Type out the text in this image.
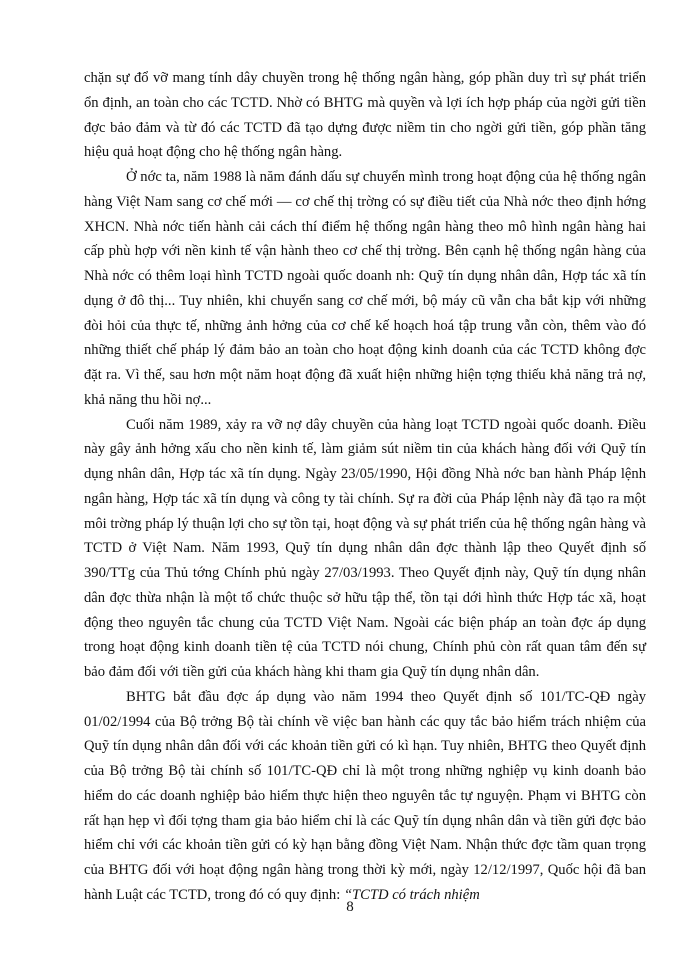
chặn sự đổ vỡ mang tính dây chuyền trong hệ thống ngân hàng, góp phần duy trì sự phát triển ổn định, an toàn cho các TCTD. Nhờ có BHTG mà quyền và lợi ích hợp pháp của ngời gửi tiền đợc bảo đảm và từ đó các TCTD đã tạo dựng được niềm tin cho ngời gửi tiền, góp phần tăng hiệu quả hoạt động cho hệ thống ngân hàng.

Ở nớc ta, năm 1988 là năm đánh dấu sự chuyển mình trong hoạt động của hệ thống ngân hàng Việt Nam sang cơ chế mới — cơ chế thị trờng có sự điều tiết của Nhà nớc theo định hớng XHCN. Nhà nớc tiến hành cải cách thí điểm hệ thống ngân hàng theo mô hình ngân hàng hai cấp phù hợp với nền kinh tế vận hành theo cơ chế thị trờng. Bên cạnh hệ thống ngân hàng của Nhà nớc có thêm loại hình TCTD ngoài quốc doanh nh: Quỹ tín dụng nhân dân, Hợp tác xã tín dụng ở đô thị... Tuy nhiên, khi chuyển sang cơ chế mới, bộ máy cũ vẫn cha bắt kịp với những đòi hỏi của thực tế, những ảnh hởng của cơ chế kế hoạch hoá tập trung vẫn còn, thêm vào đó những thiết chế pháp lý đảm bảo an toàn cho hoạt động kinh doanh của các TCTD không đợc đặt ra. Vì thế, sau hơn một năm hoạt động đã xuất hiện những hiện tợng thiếu khả năng trả nợ, khả năng thu hồi nợ...

Cuối năm 1989, xảy ra vỡ nợ dây chuyền của hàng loạt TCTD ngoài quốc doanh. Điều này gây ảnh hởng xấu cho nền kinh tế, làm giảm sút niềm tin của khách hàng đối với Quỹ tín dụng nhân dân, Hợp tác xã tín dụng. Ngày 23/05/1990, Hội đồng Nhà nớc ban hành Pháp lệnh ngân hàng, Hợp tác xã tín dụng và công ty tài chính. Sự ra đời của Pháp lệnh này đã tạo ra một môi trờng pháp lý thuận lợi cho sự tồn tại, hoạt động và sự phát triển của hệ thống ngân hàng và TCTD ở Việt Nam. Năm 1993, Quỹ tín dụng nhân dân đợc thành lập theo Quyết định số 390/TTg của Thủ tớng Chính phủ ngày 27/03/1993. Theo Quyết định này, Quỹ tín dụng nhân dân đợc thừa nhận là một tổ chức thuộc sở hữu tập thể, tồn tại dới hình thức Hợp tác xã, hoạt động theo nguyên tắc chung của TCTD Việt Nam. Ngoài các biện pháp an toàn đợc áp dụng trong hoạt động kinh doanh tiền tệ của TCTD nói chung, Chính phủ còn rất quan tâm đến sự bảo đảm đối với tiền gửi của khách hàng khi tham gia Quỹ tín dụng nhân dân.

BHTG bắt đầu đợc áp dụng vào năm 1994 theo Quyết định số 101/TC-QĐ ngày 01/02/1994 của Bộ trởng Bộ tài chính về việc ban hành các quy tắc bảo hiểm trách nhiệm của Quỹ tín dụng nhân dân đối với các khoản tiền gửi có kì hạn. Tuy nhiên, BHTG theo Quyết định của Bộ trởng Bộ tài chính số 101/TC-QĐ chỉ là một trong những nghiệp vụ kinh doanh bảo hiểm do các doanh nghiệp bảo hiểm thực hiện theo nguyên tắc tự nguyện. Phạm vi BHTG còn rất hạn hẹp vì đối tợng tham gia bảo hiểm chỉ là các Quỹ tín dụng nhân dân và tiền gửi đợc bảo hiểm chỉ với các khoản tiền gửi có kỳ hạn bằng đồng Việt Nam. Nhận thức đợc tầm quan trọng của BHTG đối với hoạt động ngân hàng trong thời kỳ mới, ngày 12/12/1997, Quốc hội đã ban hành Luật các TCTD, trong đó có quy định: “TCTD có trách nhiệm

8
